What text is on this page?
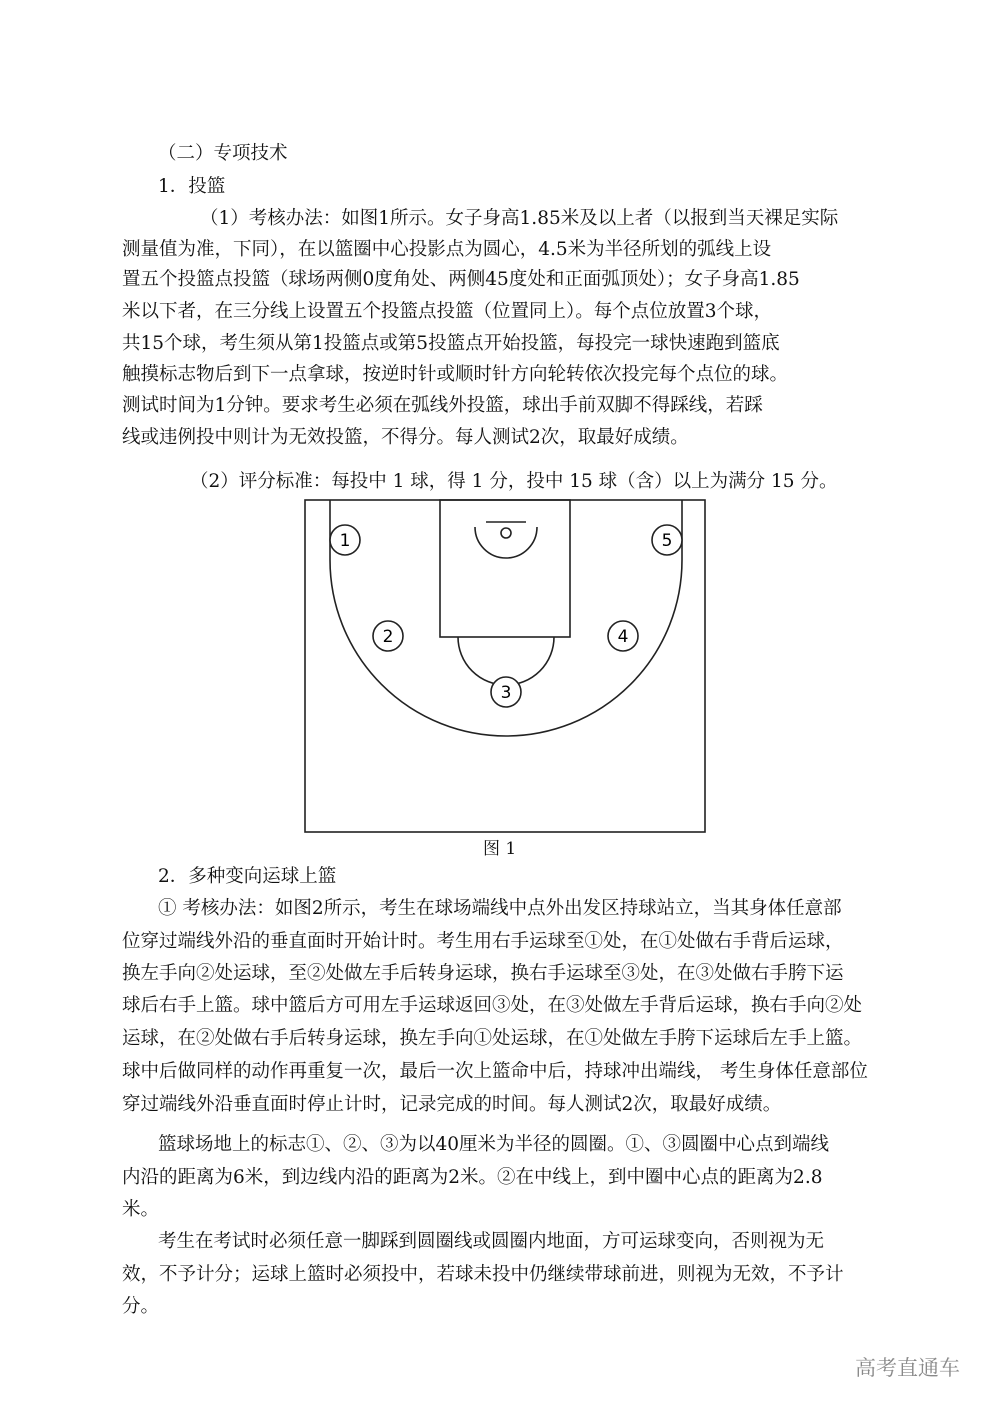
（二）专项技术
1．投篮
（1）考核办法：如图1所示。女子身高1.85米及以上者（以报到当天裸足实际
测量值为准，下同），在以篮圈中心投影点为圆心，4.5米为半径所划的弧线上设
置五个投篮点投篮（球场两侧0度角处、两侧45度处和正面弧顶处）；女子身高1.85
米以下者，在三分线上设置五个投篮点投篮（位置同上）。每个点位放置3个球，
共15个球，考生须从第1投篮点或第5投篮点开始投篮，每投完一球快速跑到篮底
触摸标志物后到下一点拿球，按逆时针或顺时针方向轮转依次投完每个点位的球。
测试时间为1分钟。要求考生必须在弧线外投篮，球出手前双脚不得踩线，若踩
线或违例投中则计为无效投篮，不得分。每人测试2次，取最好成绩。
（2）评分标准：每投中 1 球，得 1 分，投中 15 球（含）以上为满分 15 分。
1
2
3
4
5
图 1
2．多种变向运球上篮
① 考核办法：如图2所示，考生在球场端线中点外出发区持球站立，当其身体任意部
位穿过端线外沿的垂直面时开始计时。考生用右手运球至①处，在①处做右手背后运球，
换左手向②处运球，至②处做左手后转身运球，换右手运球至③处，在③处做右手胯下运
球后右手上篮。球中篮后方可用左手运球返回③处，在③处做左手背后运球，换右手向②处
运球，在②处做右手后转身运球，换左手向①处运球，在①处做左手胯下运球后左手上篮。
球中后做同样的动作再重复一次，最后一次上篮命中后，持球冲出端线， 考生身体任意部位
穿过端线外沿垂直面时停止计时，记录完成的时间。每人测试2次，取最好成绩。
篮球场地上的标志①、②、③为以40厘米为半径的圆圈。①、③圆圈中心点到端线
内沿的距离为6米，到边线内沿的距离为2米。②在中线上，到中圈中心点的距离为2.8
米。
考生在考试时必须任意一脚踩到圆圈线或圆圈内地面，方可运球变向，否则视为无
效，不予计分；运球上篮时必须投中，若球未投中仍继续带球前进，则视为无效，不予计
分。
高考直通车
